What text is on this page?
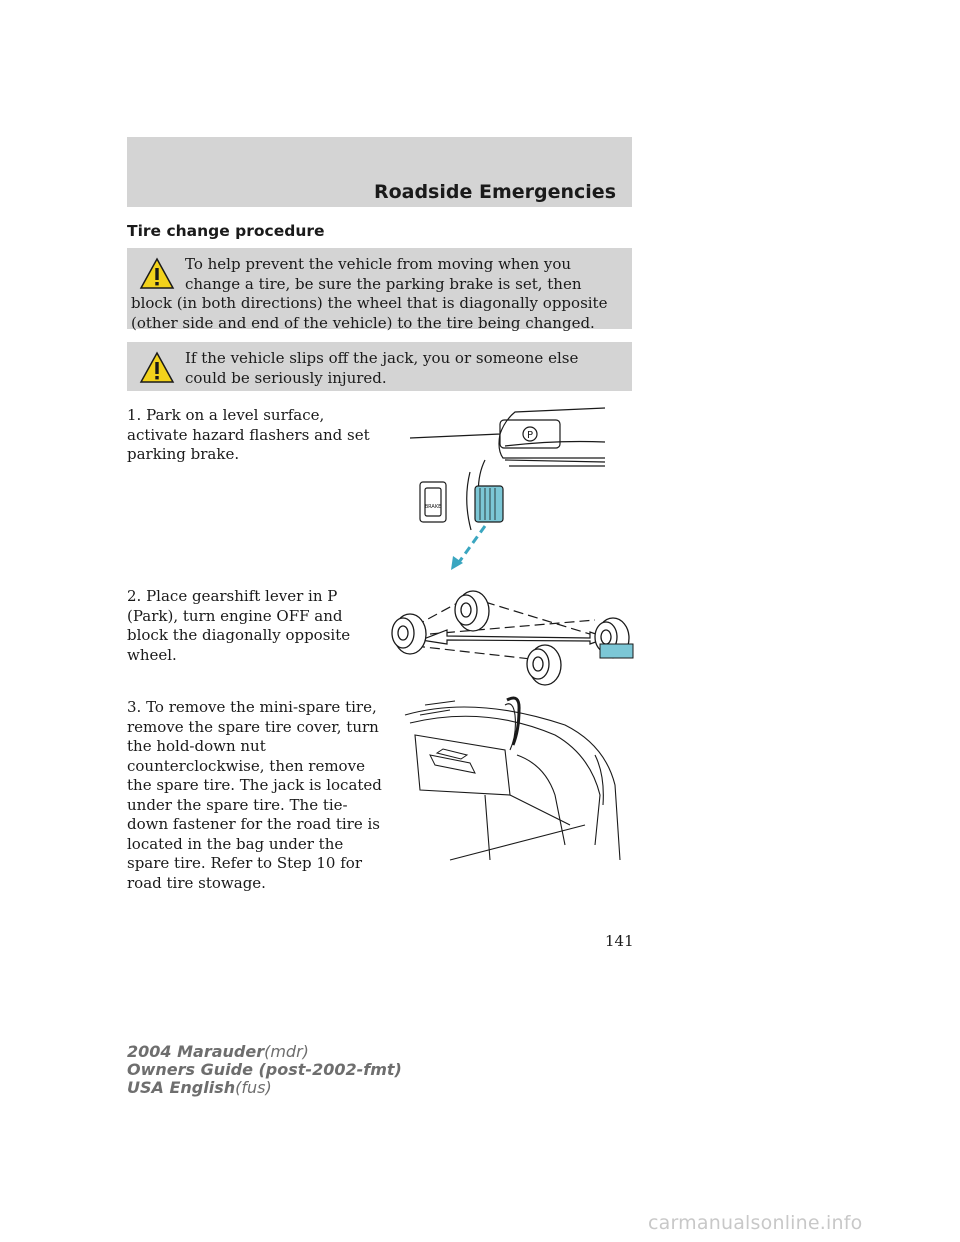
Roadside Emergencies
Tire change procedure
To help prevent the vehicle from moving when you change a tire, be sure the parking brake is set, then block (in both directions) the wheel that is diagonally opposite (other side and end of the vehicle) to the tire being changed.
If the vehicle slips off the jack, you or someone else could be seriously injured.
1. Park on a level surface, activate hazard flashers and set parking brake.
2. Place gearshift lever in P (Park), turn engine OFF and block the diagonally opposite wheel.
3. To remove the mini-spare tire, remove the spare tire cover, turn the hold-down nut counterclockwise, then remove the spare tire. The jack is located under the spare tire. The tie-down fastener for the road tire is located in the bag under the spare tire. Refer to Step 10 for road tire stowage.
P
BRAKE
141
2004 Marauder(mdr)
Owners Guide (post-2002-fmt)
USA English(fus)
carmanualsonline.info
